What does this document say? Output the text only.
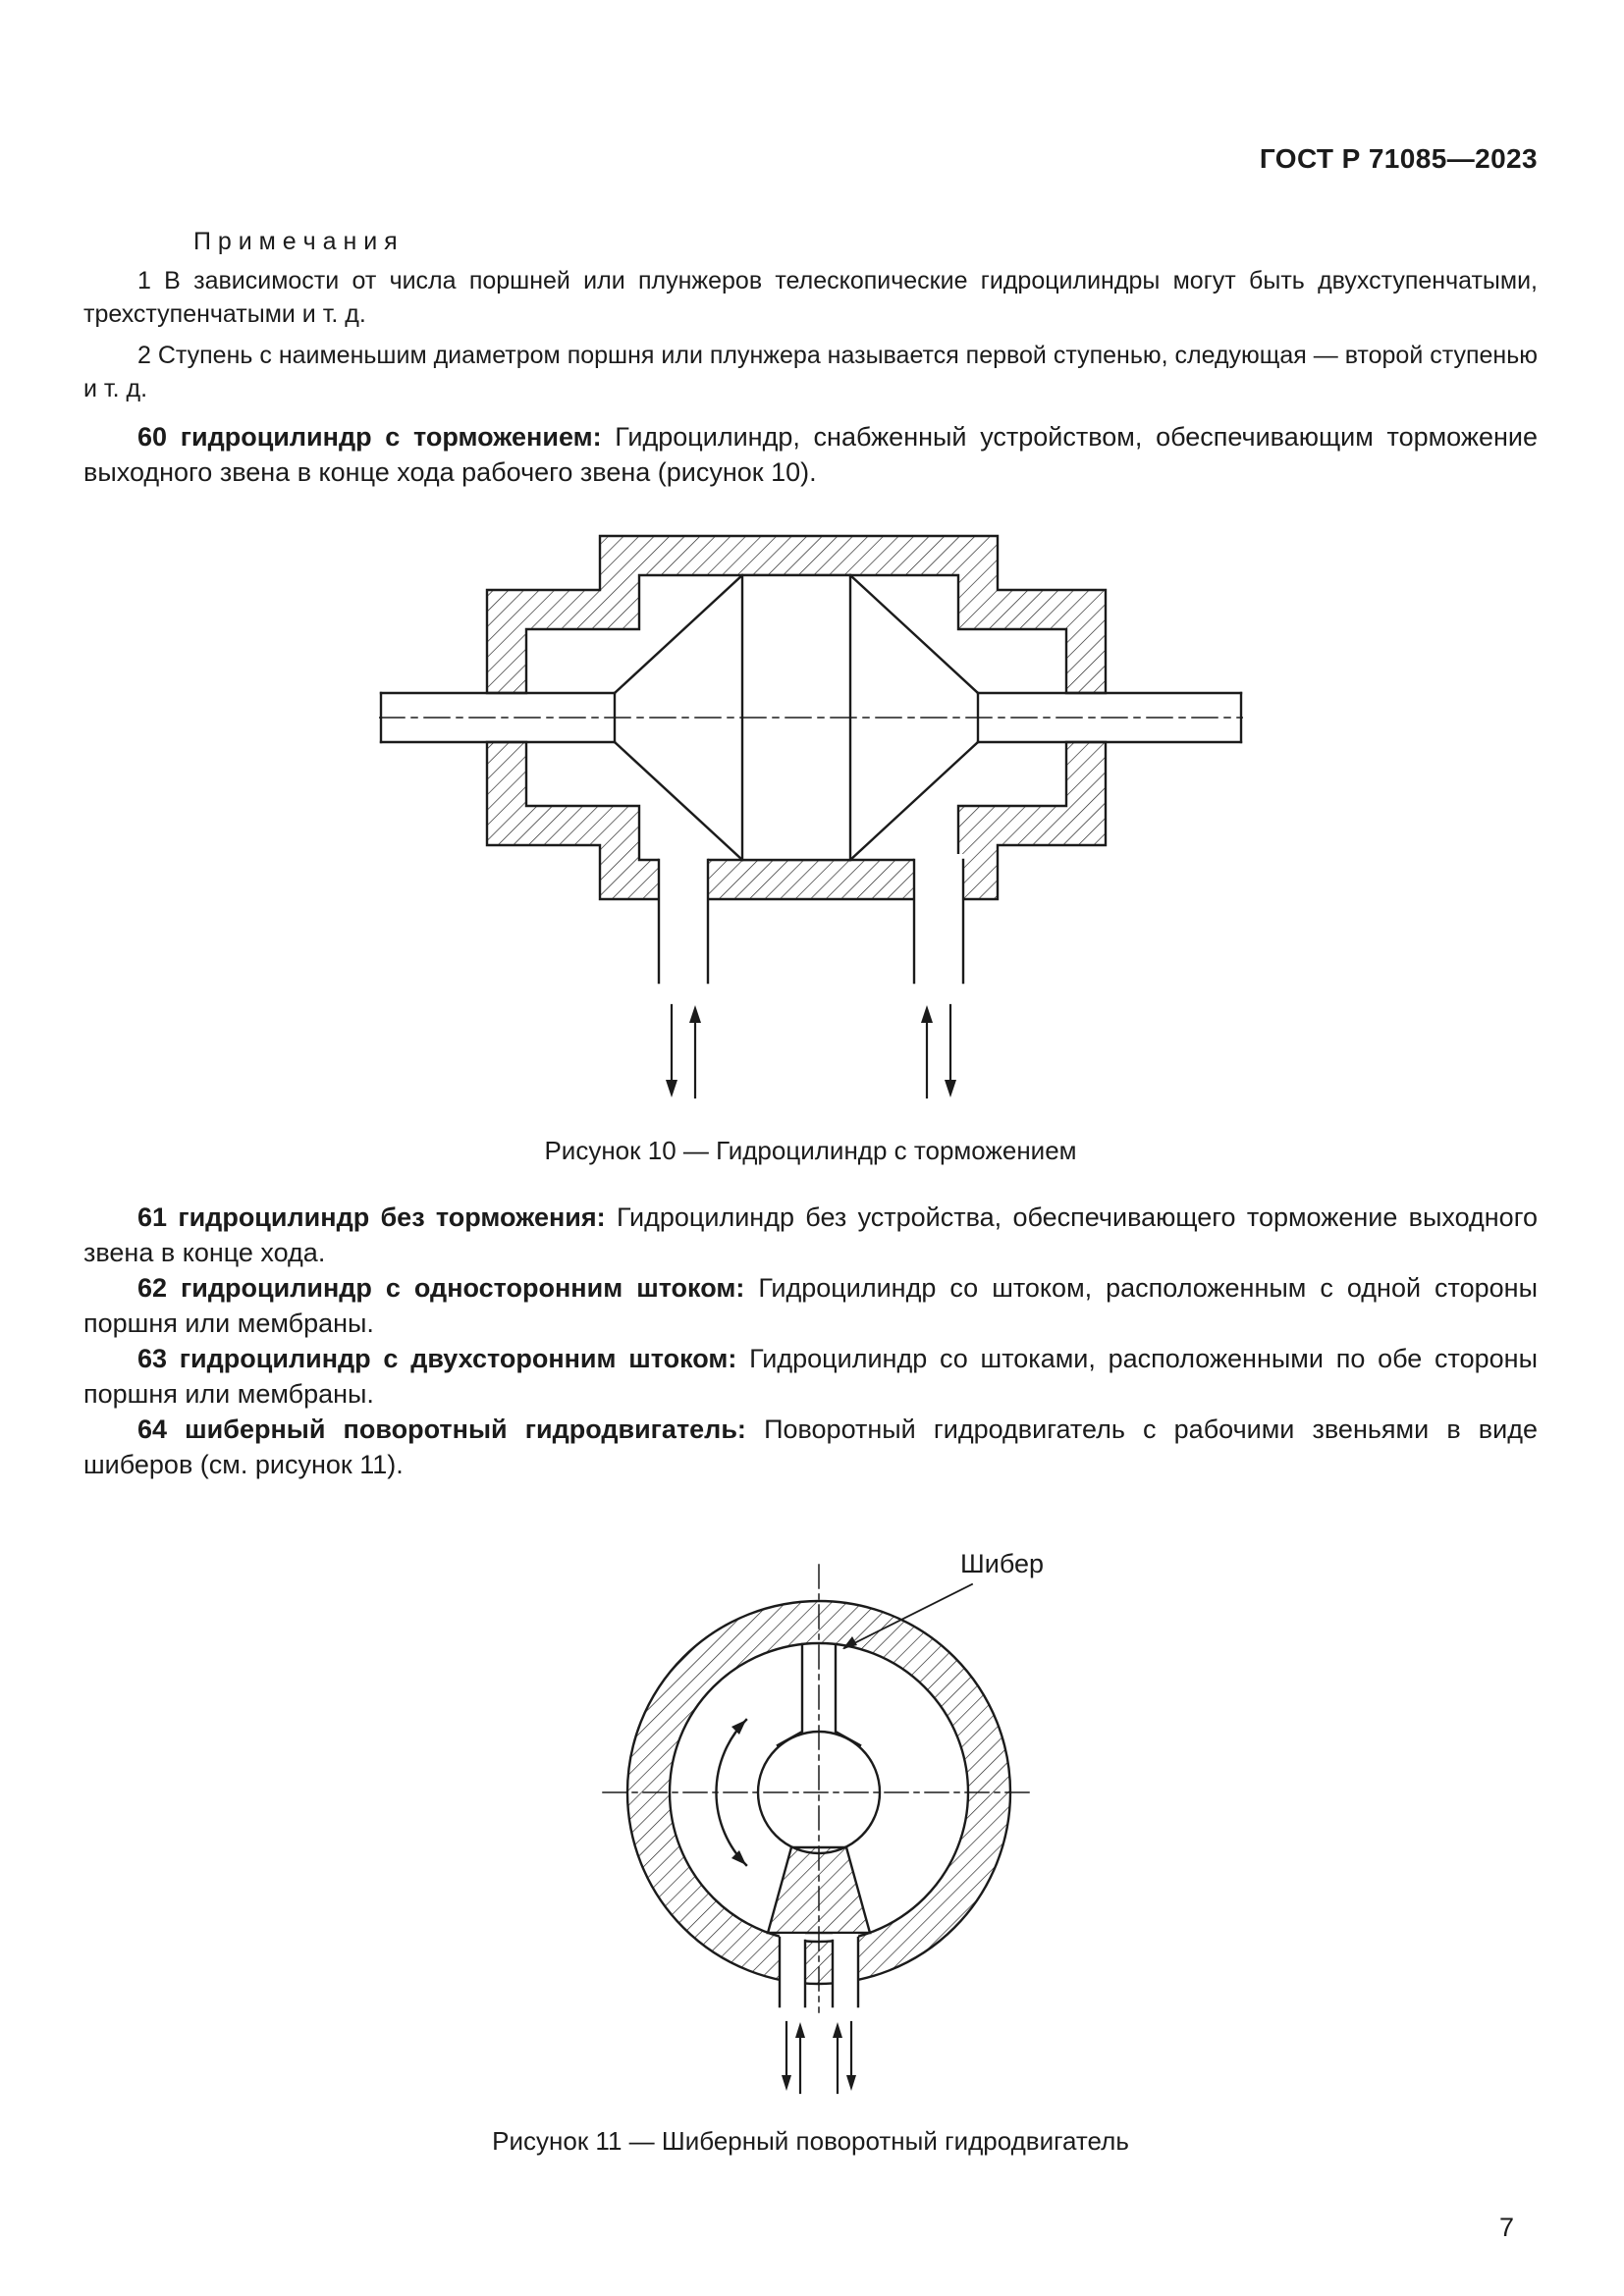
ГОСТ Р 71085—2023

П р и м е ч а н и я

1 В зависимости от числа поршней или плунжеров телескопические гидроцилиндры могут быть двухступенчатыми, трехступенчатыми и т. д.

2 Ступень с наименьшим диаметром поршня или плунжера называется первой ступенью, следующая — второй ступенью и т. д.

60 гидроцилиндр с торможением: Гидроцилиндр, снабженный устройством, обеспечивающим торможение выходного звена в конце хода рабочего звена (рисунок 10).

Рисунок 10 — Гидроцилиндр с торможением

61 гидроцилиндр без торможения: Гидроцилиндр без устройства, обеспечивающего торможение выходного звена в конце хода.

62 гидроцилиндр с односторонним штоком: Гидроцилиндр со штоком, расположенным с одной стороны поршня или мембраны.

63 гидроцилиндр с двухсторонним штоком: Гидроцилиндр со штоками, расположенными по обе стороны поршня или мембраны.

64 шиберный поворотный гидродвигатель: Поворотный гидродвигатель с рабочими звеньями в виде шиберов (см. рисунок 11).

Шибер

Рисунок 11 — Шиберный поворотный гидродвигатель

7
